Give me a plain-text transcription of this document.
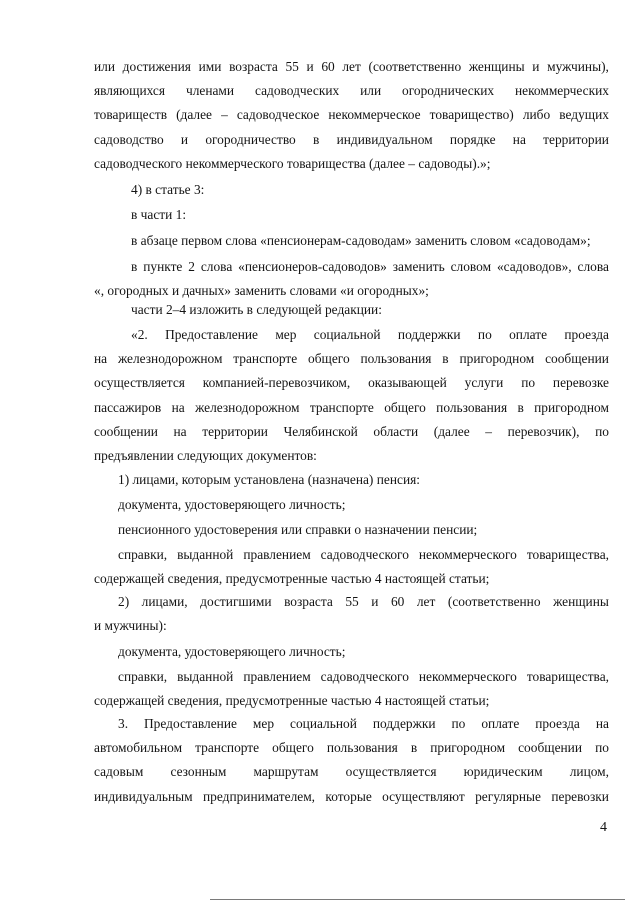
или достижения ими возраста 55 и 60 лет (соответственно женщины и мужчины),
являющихся членами садоводческих или огороднических некоммерческих
товариществ (далее – садоводческое некоммерческое товарищество) либо ведущих
садоводство и огородничество в индивидуальном порядке на территории
садоводческого некоммерческого товарищества (далее – садоводы).»;
4) в статье 3:
в части 1:
в абзаце первом слова «пенсионерам-садоводам» заменить словом «садоводам»;
в пункте 2 слова «пенсионеров-садоводов» заменить словом «садоводов», слова
«, огородных и дачных» заменить словами «и огородных»;
части 2–4 изложить в следующей редакции:
«2. Предоставление мер социальной поддержки по оплате проезда
на железнодорожном транспорте общего пользования в пригородном сообщении
осуществляется компанией-перевозчиком, оказывающей услуги по перевозке
пассажиров на железнодорожном транспорте общего пользования в пригородном
сообщении на территории Челябинской области (далее – перевозчик), по
предъявлении следующих документов:
1) лицами, которым установлена (назначена) пенсия:
документа, удостоверяющего личность;
пенсионного удостоверения или справки о назначении пенсии;
справки, выданной правлением садоводческого некоммерческого товарищества,
содержащей сведения, предусмотренные частью 4 настоящей статьи;
2) лицами, достигшими возраста 55 и 60 лет (соответственно женщины
и мужчины):
документа, удостоверяющего личность;
справки, выданной правлением садоводческого некоммерческого товарищества,
содержащей сведения, предусмотренные частью 4 настоящей статьи;
3. Предоставление мер социальной поддержки по оплате проезда на
автомобильном транспорте общего пользования в пригородном сообщении по
садовым сезонным маршрутам осуществляется юридическим лицом,
индивидуальным предпринимателем, которые осуществляют регулярные перевозки
4
